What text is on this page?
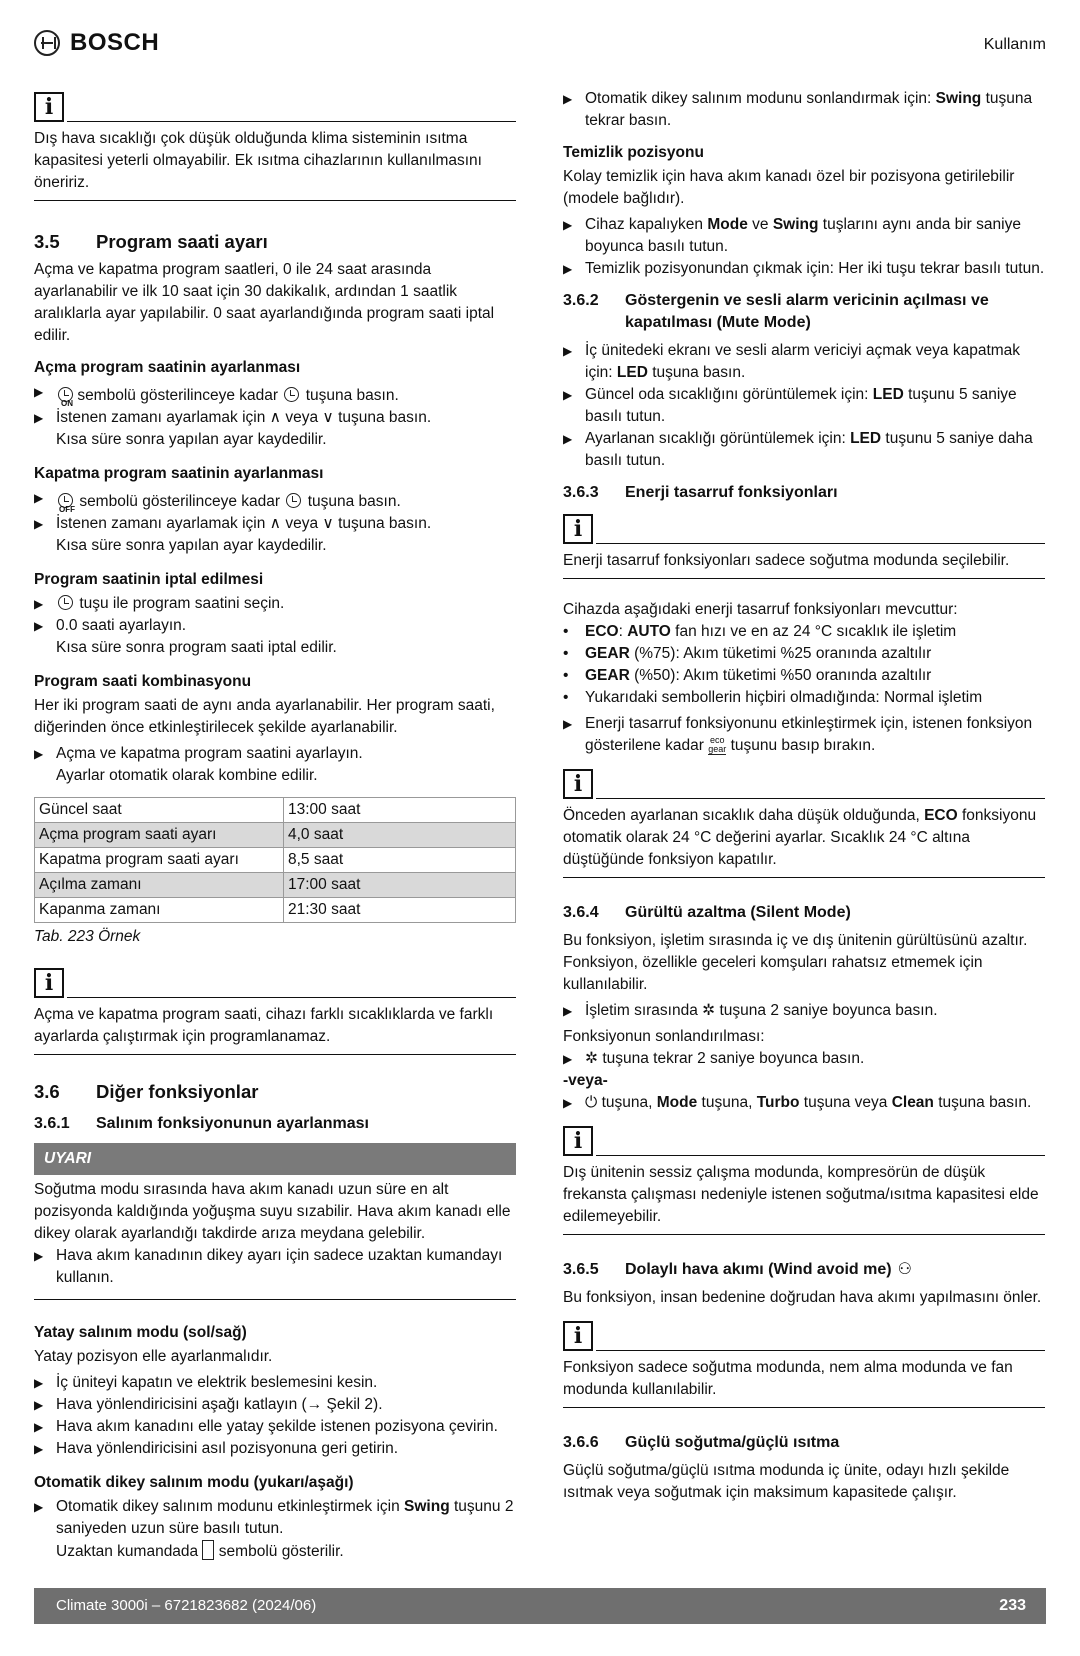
BOSCH	Kullanım
i
Dış hava sıcaklığı çok düşük olduğunda klima sisteminin ısıtma kapasitesi yeterli olmayabilir. Ek ısıtma cihazlarının kullanılmasını öneririz.
3.5	Program saati ayarı

Açma ve kapatma program saatleri, 0 ile 24 saat arasında ayarlanabilir ve ilk 10 saat için 30 dakikalık, ardından 1 saatlik aralıklarla ayar yapılabilir. 0 saat ayarlandığında program saati iptal edilir.

Açma program saatinin ayarlanması
▶
$^{ON}$ sembolü gösterilinceye kadar tuşuna basın.
▶ İstenen zamanı ayarlamak için ∧ veya ∨ tuşuna basın.
Kısa süre sonra yapılan ayar kaydedilir.
Kapatma program saatinin ayarlanması
▶
$^{OFF}$ sembolü gösterilinceye kadar tuşuna basın.
▶ İstenen zamanı ayarlamak için ∧ veya ∨ tuşuna basın.
Kısa süre sonra yapılan ayar kaydedilir.
Program saatinin iptal edilmesi
▶	tuşu ile program saatini seçin.
▶ 0.0 saati ayarlayın.
Kısa süre sonra program saati iptal edilir.
Program saati kombinasyonu

Her iki program saati de aynı anda ayarlanabilir. Her program saati, diğerinden önce etkinleştirilecek şekilde ayarlanabilir.

▶ Açma ve kapatma program saatini ayarlayın.
Ayarlar otomatik olarak kombine edilir.
Güncel saat	13:00 saat
Açma program saati ayarı	4,0 saat
Kapatma program saati ayarı	8,5 saat
Açılma zamanı	17:00 saat
Kapanma zamanı	21:30 saat
Tab. 223 Örnek
i
Açma ve kapatma program saati, cihazı farklı sıcaklıklarda ve farklı ayarlarda çalıştırmak için programlanamaz.
3.6	Diğer fonksiyonlar
3.6.1	Salınım fonksiyonunun ayarlanması
UYARI

Soğutma modu sırasında hava akım kanadı uzun süre en alt pozisyonda kaldığında yoğuşma suyu sızabilir. Hava akım kanadı elle dikey olarak ayarlandığı takdirde arıza meydana gelebilir.

▶ Hava akım kanadının dikey ayarı için sadece uzaktan kumandayı kullanın.
Yatay salınım modu (sol/sağ)

Yatay pozisyon elle ayarlanmalıdır.

▶ İç üniteyi kapatın ve elektrik beslemesini kesin.
▶ Hava yönlendiricisini aşağı katlayın (→ Şekil 2).
▶ Hava akım kanadını elle yatay şekilde istenen pozisyona çevirin.
▶ Hava yönlendiricisini asıl pozisyonuna geri getirin.
Otomatik dikey salınım modu (yukarı/aşağı)
▶ Otomatik dikey salınım modunu etkinleştirmek için Swing tuşunu 2 saniyeden uzun süre basılı tutun.
Uzaktan kumandada sembolü gösterilir.
▶ Otomatik dikey salınım modunu sonlandırmak için: Swing tuşuna tekrar basın.
Temizlik pozisyonu

Kolay temizlik için hava akım kanadı özel bir pozisyona getirilebilir (modele bağlıdır).

▶ Cihaz kapalıyken Mode ve Swing tuşlarını aynı anda bir saniye boyunca basılı tutun.
▶ Temizlik pozisyonundan çıkmak için: Her iki tuşu tekrar basılı tutun.
3.6.2	Göstergenin ve sesli alarm vericinin açılması ve kapatılması (Mute Mode)
▶ İç ünitedeki ekranı ve sesli alarm vericiyi açmak veya kapatmak için: LED tuşuna basın.
▶ Güncel oda sıcaklığını görüntülemek için: LED tuşunu 5 saniye basılı tutun.
▶ Ayarlanan sıcaklığı görüntülemek için: LED tuşunu 5 saniye daha basılı tutun.
3.6.3	Enerji tasarruf fonksiyonları
i
Enerji tasarruf fonksiyonları sadece soğutma modunda seçilebilir.

Cihazda aşağıdaki enerji tasarruf fonksiyonları mevcuttur:

•	ECO: AUTO fan hızı ve en az 24 °C sıcaklık ile işletim
•	GEAR (%75): Akım tüketimi %25 oranında azaltılır
•	GEAR (%50): Akım tüketimi %50 oranında azaltılır
•	Yukarıdaki sembollerin hiçbiri olmadığında: Normal işletim
▶ Enerji tasarruf fonksiyonunu etkinleştirmek için, istenen fonksiyon gösterilene kadar eco
gear tuşunu basıp bırakın.
i
Önceden ayarlanan sıcaklık daha düşük olduğunda, ECO fonksiyonu otomatik olarak 24 °C değerini ayarlar. Sıcaklık 24 °C altına düştüğünde fonksiyon kapatılır.
3.6.4	Gürültü azaltma (Silent Mode)

Bu fonksiyon, işletim sırasında iç ve dış ünitenin gürültüsünü azaltır. Fonksiyon, özellikle geceleri komşuları rahatsız etmemek için kullanılabilir.

▶ İşletim sırasında ✲ tuşuna 2 saniye boyunca basın.

Fonksiyonun sonlandırılması:

▶ ✲ tuşuna tekrar 2 saniye boyunca basın.

-veya-

▶ ⏻ tuşuna, Mode tuşuna, Turbo tuşuna veya Clean tuşuna basın.
i
Dış ünitenin sessiz çalışma modunda, kompresörün de düşük frekansta çalışması nedeniyle istenen soğutma/ısıtma kapasitesi elde edilemeyebilir.
3.6.5	Dolaylı hava akımı (Wind avoid me) ⚇

Bu fonksiyon, insan bedenine doğrudan hava akımı yapılmasını önler.

i
Fonksiyon sadece soğutma modunda, nem alma modunda ve fan modunda kullanılabilir.
3.6.6	Güçlü soğutma/güçlü ısıtma

Güçlü soğutma/güçlü ısıtma modunda iç ünite, odayı hızlı şekilde ısıtmak veya soğutmak için maksimum kapasitede çalışır.

Climate 3000i – 6721823682 (2024/06)	233
